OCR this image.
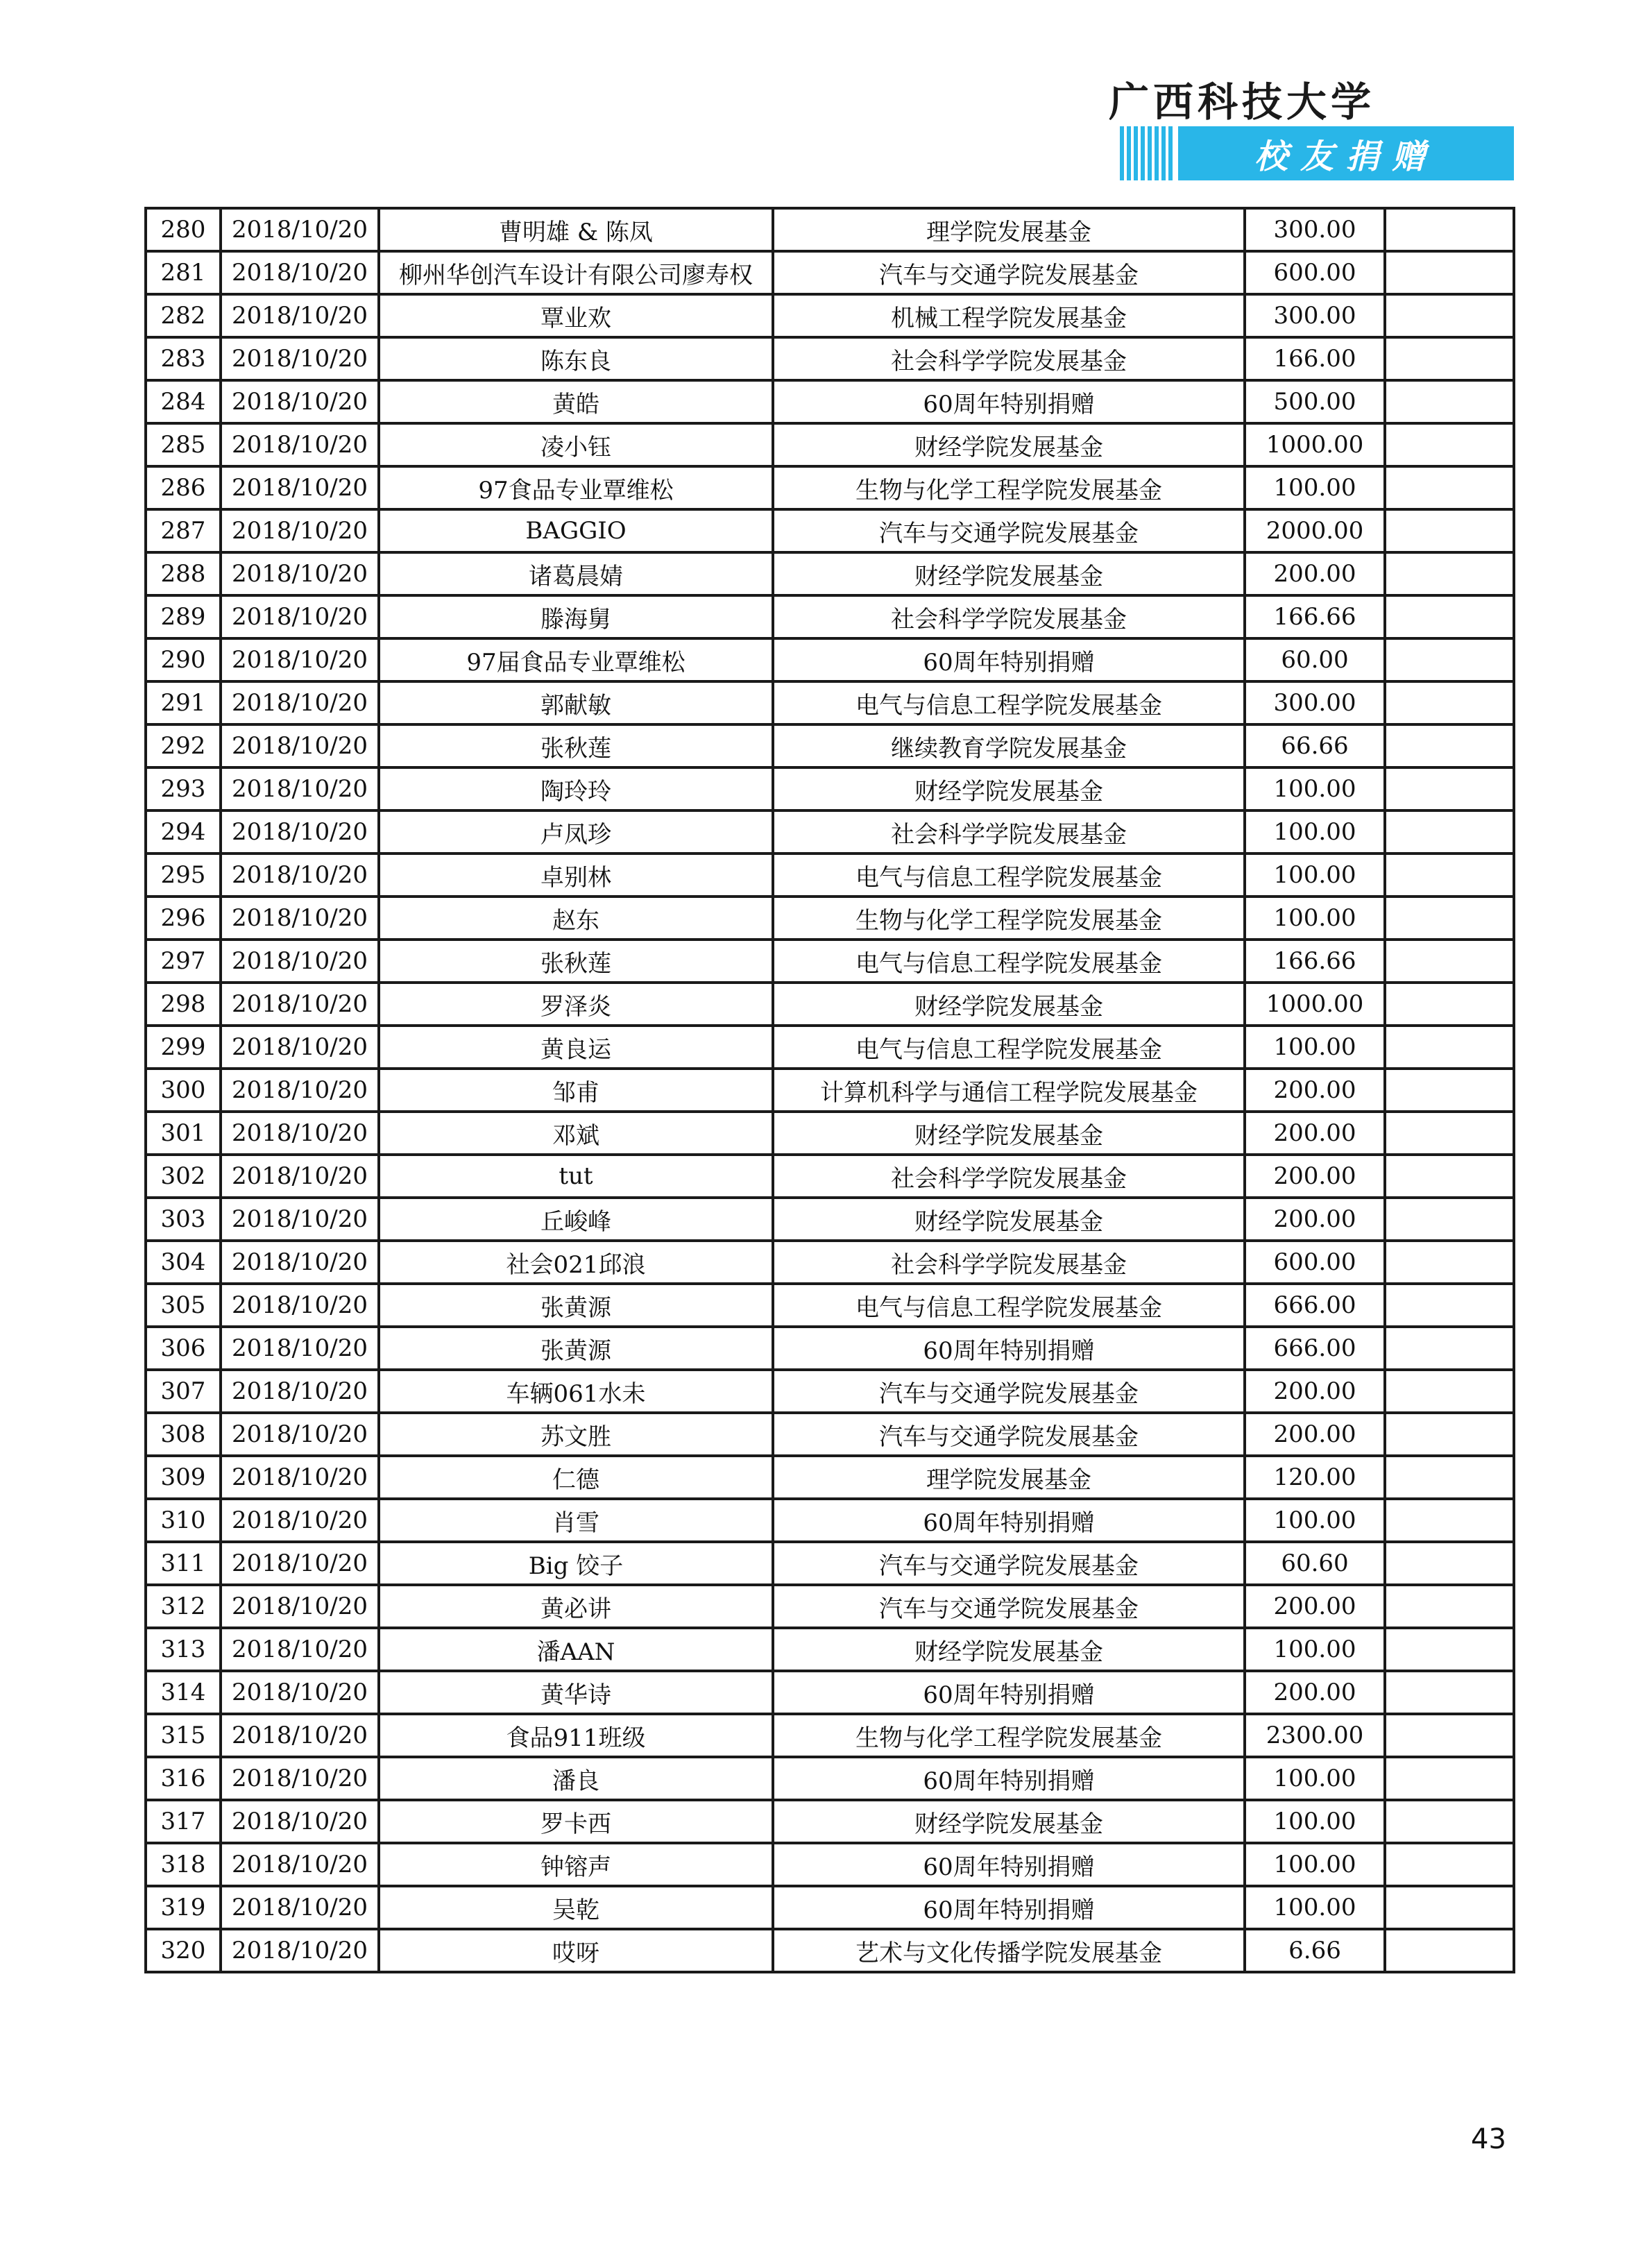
广西科技大学
校友捐赠
280	2018/10/20	曹明雄 & 陈凤	理学院发展基金	300.00	
281	2018/10/20	柳州华创汽车设计有限公司廖寿权	汽车与交通学院发展基金	600.00	
282	2018/10/20	覃业欢	机械工程学院发展基金	300.00	
283	2018/10/20	陈东良	社会科学学院发展基金	166.00	
284	2018/10/20	黄皓	60周年特别捐赠	500.00	
285	2018/10/20	凌小钰	财经学院发展基金	1000.00	
286	2018/10/20	97食品专业覃维松	生物与化学工程学院发展基金	100.00	
287	2018/10/20	BAGGIO	汽车与交通学院发展基金	2000.00	
288	2018/10/20	诸葛晨婧	财经学院发展基金	200.00	
289	2018/10/20	滕海舅	社会科学学院发展基金	166.66	
290	2018/10/20	97届食品专业覃维松	60周年特别捐赠	60.00	
291	2018/10/20	郭献敏	电气与信息工程学院发展基金	300.00	
292	2018/10/20	张秋莲	继续教育学院发展基金	66.66	
293	2018/10/20	陶玲玲	财经学院发展基金	100.00	
294	2018/10/20	卢凤珍	社会科学学院发展基金	100.00	
295	2018/10/20	卓别林	电气与信息工程学院发展基金	100.00	
296	2018/10/20	赵东	生物与化学工程学院发展基金	100.00	
297	2018/10/20	张秋莲	电气与信息工程学院发展基金	166.66	
298	2018/10/20	罗泽炎	财经学院发展基金	1000.00	
299	2018/10/20	黄良运	电气与信息工程学院发展基金	100.00	
300	2018/10/20	邹甫	计算机科学与通信工程学院发展基金	200.00	
301	2018/10/20	邓斌	财经学院发展基金	200.00	
302	2018/10/20	tut	社会科学学院发展基金	200.00	
303	2018/10/20	丘峻峰	财经学院发展基金	200.00	
304	2018/10/20	社会021邱浪	社会科学学院发展基金	600.00	
305	2018/10/20	张黄源	电气与信息工程学院发展基金	666.00	
306	2018/10/20	张黄源	60周年特别捐赠	666.00	
307	2018/10/20	车辆061水未	汽车与交通学院发展基金	200.00	
308	2018/10/20	苏文胜	汽车与交通学院发展基金	200.00	
309	2018/10/20	仁德	理学院发展基金	120.00	
310	2018/10/20	肖雪	60周年特别捐赠	100.00	
311	2018/10/20	Big 饺子	汽车与交通学院发展基金	60.60	
312	2018/10/20	黄必讲	汽车与交通学院发展基金	200.00	
313	2018/10/20	潘AAN	财经学院发展基金	100.00	
314	2018/10/20	黄华诗	60周年特别捐赠	200.00	
315	2018/10/20	食品911班级	生物与化学工程学院发展基金	2300.00	
316	2018/10/20	潘良	60周年特别捐赠	100.00	
317	2018/10/20	罗卡西	财经学院发展基金	100.00	
318	2018/10/20	钟镕声	60周年特别捐赠	100.00	
319	2018/10/20	吴乾	60周年特别捐赠	100.00	
320	2018/10/20	哎呀	艺术与文化传播学院发展基金	6.66	
43
